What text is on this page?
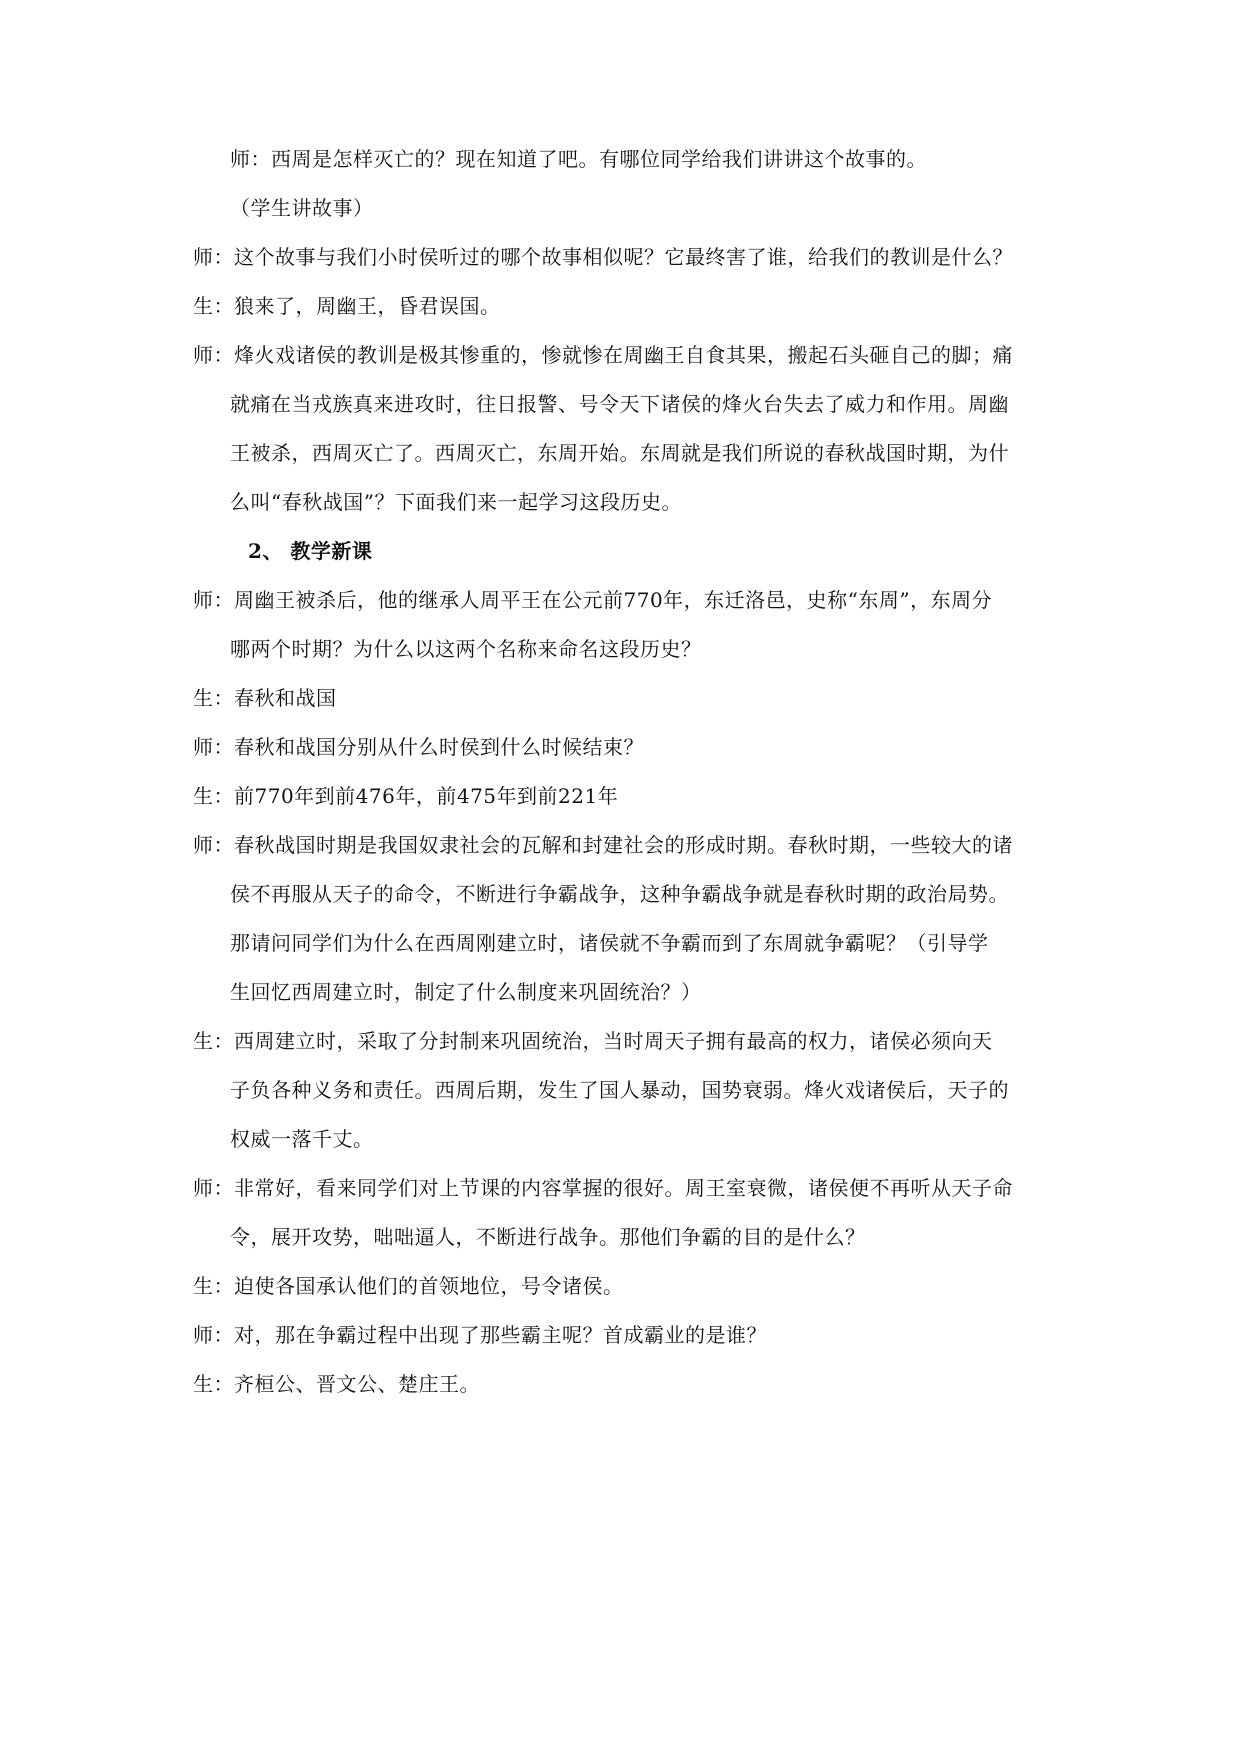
师：西周是怎样灭亡的？现在知道了吧。有哪位同学给我们讲讲这个故事的。
（学生讲故事）
师：这个故事与我们小时侯听过的哪个故事相似呢？它最终害了谁，给我们的教训是什么？
生：狼来了，周幽王，昏君误国。
师：烽火戏诸侯的教训是极其惨重的，惨就惨在周幽王自食其果，搬起石头砸自己的脚；痛
就痛在当戎族真来进攻时，往日报警、号令天下诸侯的烽火台失去了威力和作用。周幽
王被杀，西周灭亡了。西周灭亡，东周开始。东周就是我们所说的春秋战国时期，为什
么叫“春秋战国”？下面我们来一起学习这段历史。
2、 教学新课
师：周幽王被杀后，他的继承人周平王在公元前770年，东迁洛邑，史称“东周”，东周分
哪两个时期？为什么以这两个名称来命名这段历史？
生：春秋和战国
师：春秋和战国分别从什么时侯到什么时候结束？
生：前770年到前476年，前475年到前221年
师：春秋战国时期是我国奴隶社会的瓦解和封建社会的形成时期。春秋时期，一些较大的诸
侯不再服从天子的命令，不断进行争霸战争，这种争霸战争就是春秋时期的政治局势。
那请问同学们为什么在西周刚建立时，诸侯就不争霸而到了东周就争霸呢？（引导学
生回忆西周建立时，制定了什么制度来巩固统治？）
生：西周建立时，采取了分封制来巩固统治，当时周天子拥有最高的权力，诸侯必须向天
子负各种义务和责任。西周后期，发生了国人暴动，国势衰弱。烽火戏诸侯后，天子的
权威一落千丈。
师：非常好，看来同学们对上节课的内容掌握的很好。周王室衰微，诸侯便不再听从天子命
令，展开攻势，咄咄逼人，不断进行战争。那他们争霸的目的是什么？
生：迫使各国承认他们的首领地位，号令诸侯。
师：对，那在争霸过程中出现了那些霸主呢？首成霸业的是谁？
生：齐桓公、晋文公、楚庄王。
